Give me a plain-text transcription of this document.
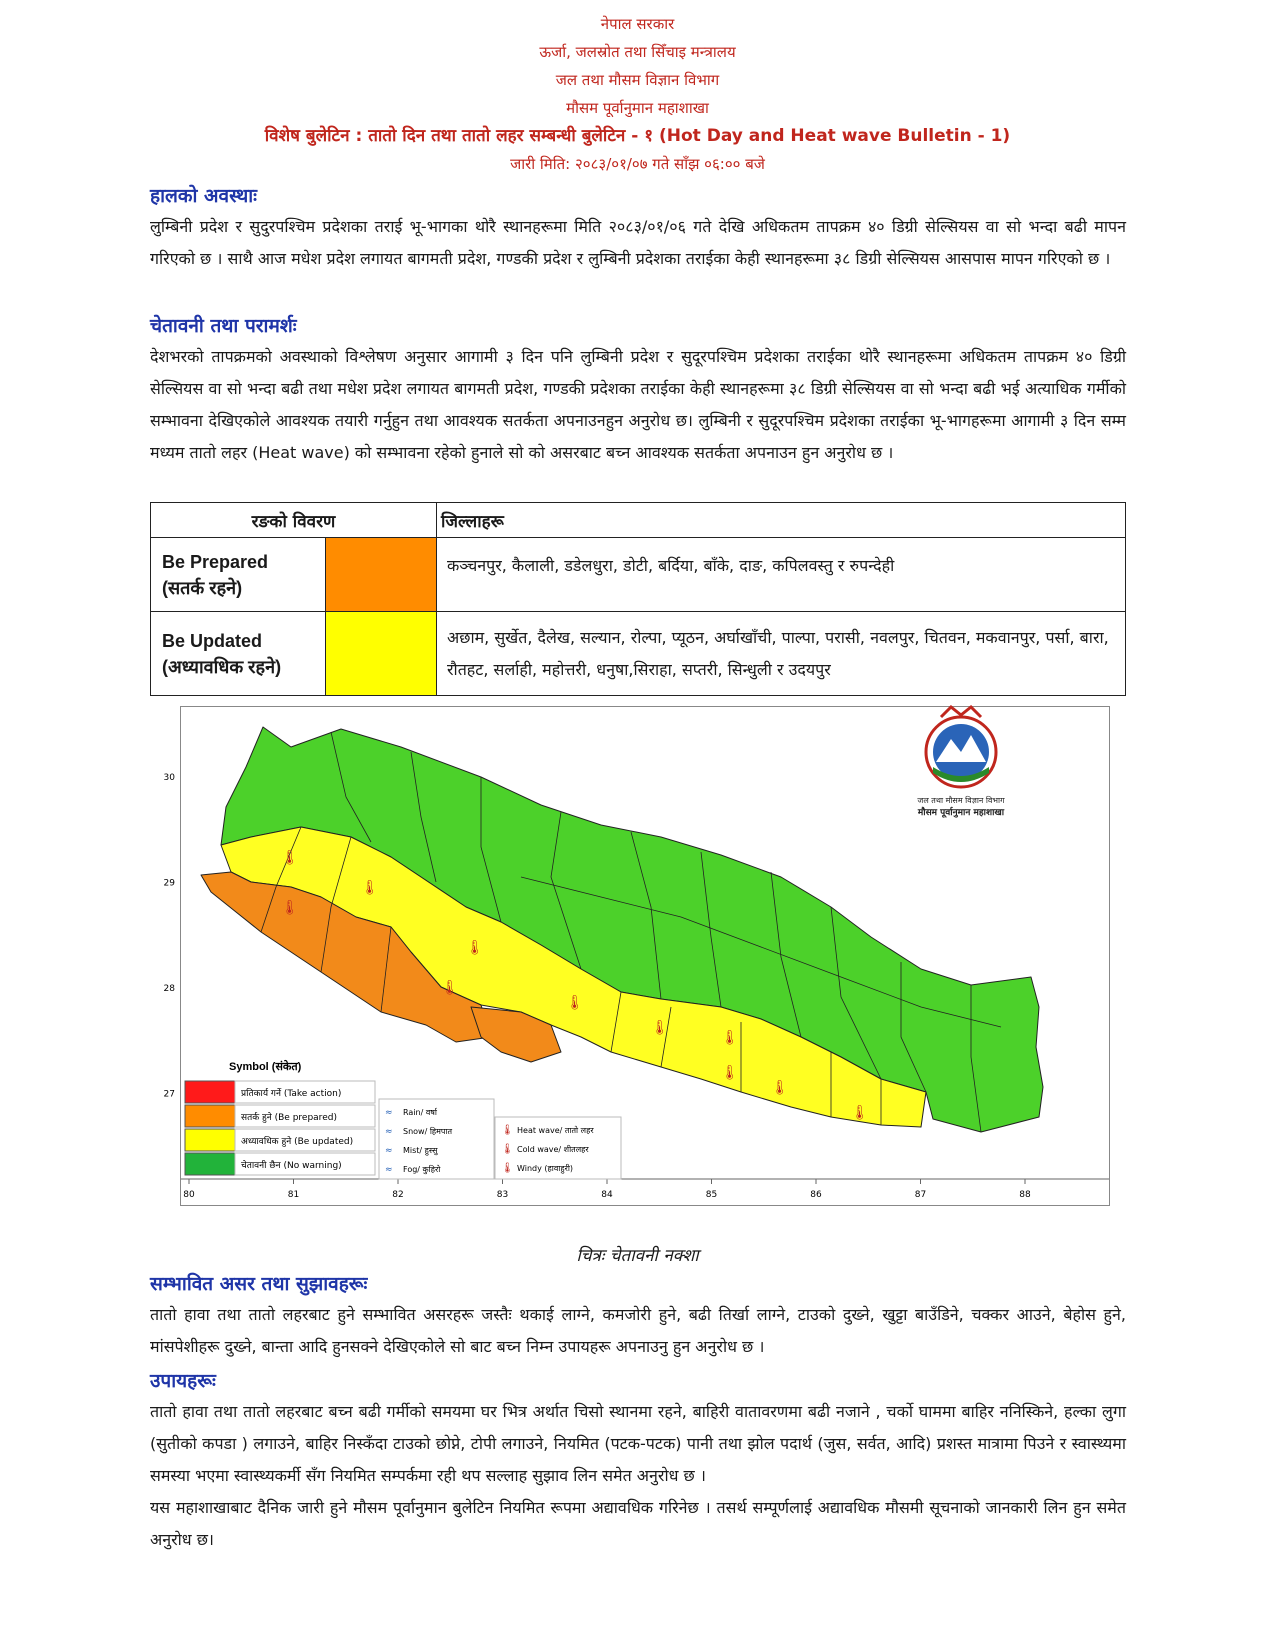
नेपाल सरकार
ऊर्जा, जलस्रोत तथा सिँचाइ मन्त्रालय
जल तथा मौसम विज्ञान विभाग
मौसम पूर्वानुमान महाशाखा
विशेष बुलेटिन : तातो दिन तथा तातो लहर सम्बन्धी बुलेटिन - १ (Hot Day and Heat wave Bulletin - 1)
जारी मिति: २०८३/०१/०७ गते साँझ ०६:०० बजे
हालको अवस्थाः
लुम्बिनी प्रदेश र सुदुरपश्चिम प्रदेशका तराई भू-भागका थोरै स्थानहरूमा मिति २०८३/०१/०६ गते देखि अधिकतम तापक्रम ४० डिग्री सेल्सियस वा सो भन्दा बढी मापन गरिएको छ । साथै आज मधेश प्रदेश लगायत बागमती प्रदेश, गण्डकी प्रदेश र लुम्बिनी प्रदेशका तराईका केही स्थानहरूमा ३८ डिग्री सेल्सियस आसपास मापन गरिएको छ ।
चेतावनी तथा परामर्शः
देशभरको तापक्रमको अवस्थाको विश्लेषण अनुसार आगामी ३ दिन पनि लुम्बिनी प्रदेश र सुदूरपश्चिम प्रदेशका तराईका थोरै स्थानहरूमा अधिकतम तापक्रम ४० डिग्री सेल्सियस वा सो भन्दा बढी तथा मधेश प्रदेश लगायत बागमती प्रदेश, गण्डकी प्रदेशका तराईका केही स्थानहरूमा ३८ डिग्री सेल्सियस वा सो भन्दा बढी भई अत्याधिक गर्मीको सम्भावना देखिएकोले आवश्यक तयारी गर्नुहुन तथा आवश्यक सतर्कता अपनाउनहुन अनुरोध छ। लुम्बिनी र सुदूरपश्चिम प्रदेशका तराईका भू-भागहरूमा आगामी ३ दिन सम्म मध्यम तातो लहर (Heat wave) को सम्भावना रहेको हुनाले सो को असरबाट बच्न आवश्यक सतर्कता अपनाउन हुन अनुरोध छ ।
रङको विवरण		जिल्लाहरू

Be Prepared
(सतर्क रहने)		कञ्चनपुर, कैलाली, डडेलधुरा, डोटी, बर्दिया, बाँके, दाङ, कपिलवस्तु र रुपन्देही

Be Updated
(अध्यावधिक रहने)		अछाम, सुर्खेत, दैलेख, सल्यान, रोल्पा, प्यूठन, अर्घाखाँची, पाल्पा, परासी, नवलपुर, चितवन, मकवानपुर, पर्सा, बारा, रौतहट, सर्लाही, महोत्तरी, धनुषा,सिराहा, सप्तरी, सिन्धुली र उदयपुर
80	81	82	83	84	85	86	87	88
30
29
28
27
🌡
🌡
🌡
🌡
🌡
🌡
🌡
🌡
🌡
🌡
🌡
जल तथा मौसम विज्ञान विभाग
मौसम पूर्वानुमान महाशाखा
Symbol (संकेत)
प्रतिकार्य गर्ने (Take action)
सतर्क हुने (Be prepared)
अध्यावधिक हुने (Be updated)
चेतावनी छैन (No warning)
≈ Rain/ वर्षा
≈ Snow/ हिमपात
≈ Mist/ हुस्सु
≈ Fog/ कुहिरो
🌡 Heat wave/ तातो लहर
🌡 Cold wave/ शीतलहर
🌡 Windy (हावाहुरी)
चित्रः चेतावनी नक्शा
सम्भावित असर तथा सुझावहरूः
तातो हावा तथा तातो लहरबाट हुने सम्भावित असरहरू जस्तैः थकाई लाग्ने, कमजोरी हुने, बढी तिर्खा लाग्ने, टाउको दुख्ने, खुट्टा बाउँडिने, चक्कर आउने, बेहोस हुने, मांसपेशीहरू दुख्ने, बान्ता आदि हुनसक्ने देखिएकोले सो बाट बच्न निम्न उपायहरू अपनाउनु हुन अनुरोध छ ।
उपायहरूः
तातो हावा तथा तातो लहरबाट बच्न बढी गर्मीको समयमा घर भित्र अर्थात चिसो स्थानमा रहने, बाहिरी वातावरणमा बढी नजाने , चर्को घाममा बाहिर ननिस्किने, हल्का लुगा (सुतीको कपडा ) लगाउने, बाहिर निस्कँदा टाउको छोप्ने, टोपी लगाउने, नियमित (पटक-पटक) पानी तथा झोल पदार्थ (जुस, सर्वत, आदि) प्रशस्त मात्रामा पिउने र स्वास्थ्यमा समस्या भएमा स्वास्थ्यकर्मी सँग नियमित सम्पर्कमा रही थप सल्लाह सुझाव लिन समेत अनुरोध छ ।
यस महाशाखाबाट दैनिक जारी हुने मौसम पूर्वानुमान बुलेटिन नियमित रूपमा अद्यावधिक गरिनेछ । तसर्थ सम्पूर्णलाई अद्यावधिक मौसमी सूचनाको जानकारी लिन हुन समेत अनुरोध छ।
